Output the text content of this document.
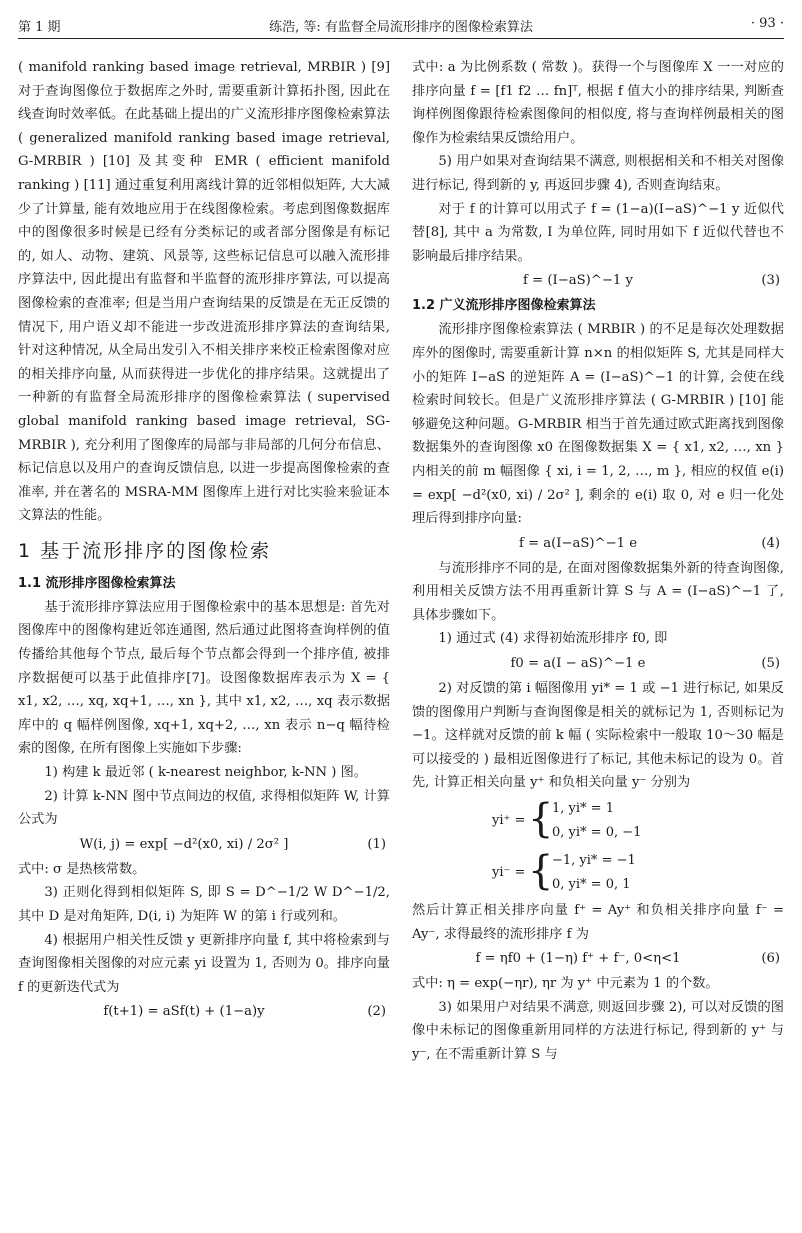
第 1 期	练浩, 等: 有监督全局流形排序的图像检索算法	· 93 ·

( manifold ranking based image retrieval, MRBIR ) [9] 对于查询图像位于数据库之外时, 需要重新计算拓扑图, 因此在线查询时效率低。在此基础上提出的广义流形排序图像检索算法 ( generalized manifold ranking based image retrieval, G-MRBIR ) [10] 及其变种 EMR ( efficient manifold ranking ) [11] 通过重复利用离线计算的近邻相似矩阵, 大大减少了计算量, 能有效地应用于在线图像检索。考虑到图像数据库中的图像很多时候是已经有分类标记的或者部分图像是有标记的, 如人、动物、建筑、风景等, 这些标记信息可以融入流形排序算法中, 因此提出有监督和半监督的流形排序算法, 可以提高图像检索的查准率; 但是当用户查询结果的反馈是在无正反馈的情况下, 用户语义却不能进一步改进流形排序算法的查询结果, 针对这种情况, 从全局出发引入不相关排序来校正检索图像对应的相关排序向量, 从而获得进一步优化的排序结果。这就提出了一种新的有监督全局流形排序的图像检索算法 ( supervised global manifold ranking based image retrieval, SG-MRBIR ), 充分利用了图像库的局部与非局部的几何分布信息、标记信息以及用户的查询反馈信息, 以进一步提高图像检索的查准率, 并在著名的 MSRA-MM 图像库上进行对比实验来验证本文算法的性能。

1 基于流形排序的图像检索
1.1 流形排序图像检索算法

基于流形排序算法应用于图像检索中的基本思想是: 首先对图像库中的图像构建近邻连通图, 然后通过此图将查询样例的值传播给其他每个节点, 最后每个节点都会得到一个排序值, 被排序数据便可以基于此值排序[7]。设图像数据库表示为 X = { x1, x2, …, xq, xq+1, …, xn }, 其中 x1, x2, …, xq 表示数据库中的 q 幅样例图像, xq+1, xq+2, …, xn 表示 n−q 幅待检索的图像, 在所有图像上实施如下步骤:

1) 构建 k 最近邻 ( k-nearest neighbor, k-NN ) 图。

2) 计算 k-NN 图中节点间边的权值, 求得相似矩阵 W, 计算公式为

W(i, j) = exp[ −d²(x0, xi) / 2σ² ]	(1)

式中: σ 是热核常数。

3) 正则化得到相似矩阵 S, 即 S = D^−1/2 W D^−1/2, 其中 D 是对角矩阵, D(i, i) 为矩阵 W 的第 i 行或列和。

4) 根据用户相关性反馈 y 更新排序向量 f, 其中将检索到与查询图像相关图像的对应元素 yi 设置为 1, 否则为 0。排序向量 f 的更新迭代式为

f(t+1) = aSf(t) + (1−a)y	(2)

式中: a 为比例系数 ( 常数 )。获得一个与图像库 X 一一对应的排序向量 f = [f1 f2 … fn]ᵀ, 根据 f 值大小的排序结果, 判断查询样例图像跟待检索图像间的相似度, 将与查询样例最相关的图像作为检索结果反馈给用户。

5) 用户如果对查询结果不满意, 则根据相关和不相关对图像进行标记, 得到新的 y, 再返回步骤 4), 否则查询结束。

对于 f 的计算可以用式子 f = (1−a)(I−aS)^−1 y 近似代替[8], 其中 a 为常数, I 为单位阵, 同时用如下 f 近似代替也不影响最后排序结果。

f = (I−aS)^−1 y	(3)
1.2 广义流形排序图像检索算法

流形排序图像检索算法 ( MRBIR ) 的不足是每次处理数据库外的图像时, 需要重新计算 n×n 的相似矩阵 S, 尤其是同样大小的矩阵 I−aS 的逆矩阵 A = (I−aS)^−1 的计算, 会使在线检索时间较长。但是广义流形排序算法 ( G-MRBIR ) [10] 能够避免这种问题。G-MRBIR 相当于首先通过欧式距离找到图像数据集外的查询图像 x0 在图像数据集 X = { x1, x2, …, xn } 内相关的前 m 幅图像 { xi, i = 1, 2, …, m }, 相应的权值 e(i) = exp[ −d²(x0, xi) / 2σ² ], 剩余的 e(i) 取 0, 对 e 归一化处理后得到排序向量:

f = a(I−aS)^−1 e	(4)

与流形排序不同的是, 在面对图像数据集外新的待查询图像, 利用相关反馈方法不用再重新计算 S 与 A = (I−aS)^−1 了, 具体步骤如下。

1) 通过式 (4) 求得初始流形排序 f0, 即

f0 = a(I − aS)^−1 e	(5)

2) 对反馈的第 i 幅图像用 yi* = 1 或 −1 进行标记, 如果反馈的图像用户判断与查询图像是相关的就标记为 1, 否则标记为 −1。这样就对反馈的前 k 幅 ( 实际检索中一般取 10～30 幅是可以接受的 ) 最相近图像进行了标记, 其他未标记的设为 0。首先, 计算正相关向量 y⁺ 和负相关向量 y⁻ 分别为

yi⁺ = {
1, yi* = 1
0, yi* = 0, −1
yi⁻ = {
−1, yi* = −1
0, yi* = 0, 1

然后计算正相关排序向量 f⁺ = Ay⁺ 和负相关排序向量 f⁻ = Ay⁻, 求得最终的流形排序 f 为

f = ηf0 + (1−η) f⁺ + f⁻, 0<η<1	(6)

式中: η = exp(−ηr), ηr 为 y⁺ 中元素为 1 的个数。

3) 如果用户对结果不满意, 则返回步骤 2), 可以对反馈的图像中未标记的图像重新用同样的方法进行标记, 得到新的 y⁺ 与 y⁻, 在不需重新计算 S 与
